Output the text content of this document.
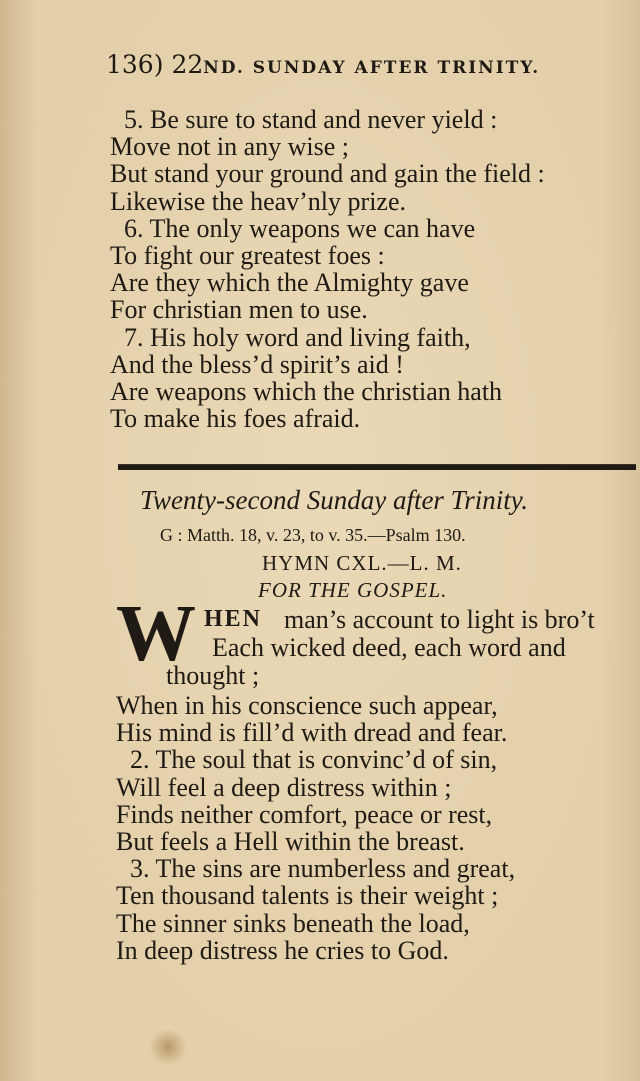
136) 22ND. SUNDAY AFTER TRINITY.
5. Be sure to stand and never yield :
Move not in any wise ;
But stand your ground and gain the field :
Likewise the heav’nly prize.
6. The only weapons we can have
To fight our greatest foes :
Are they which the Almighty gave
For christian men to use.
7. His holy word and living faith,
And the bless’d spirit’s aid !
Are weapons which the christian hath
To make his foes afraid.
Twenty-second Sunday after Trinity.
G : Matth. 18, v. 23, to v. 35.—Psalm 130.
HYMN CXL.—L. M.
FOR THE GOSPEL.
W HEN man’s account to light is bro’t
Each wicked deed, each word and
thought ;
When in his conscience such appear,
His mind is fill’d with dread and fear.
2. The soul that is convinc’d of sin,
Will feel a deep distress within ;
Finds neither comfort, peace or rest,
But feels a Hell within the breast.
3. The sins are numberless and great,
Ten thousand talents is their weight ;
The sinner sinks beneath the load,
In deep distress he cries to God.
